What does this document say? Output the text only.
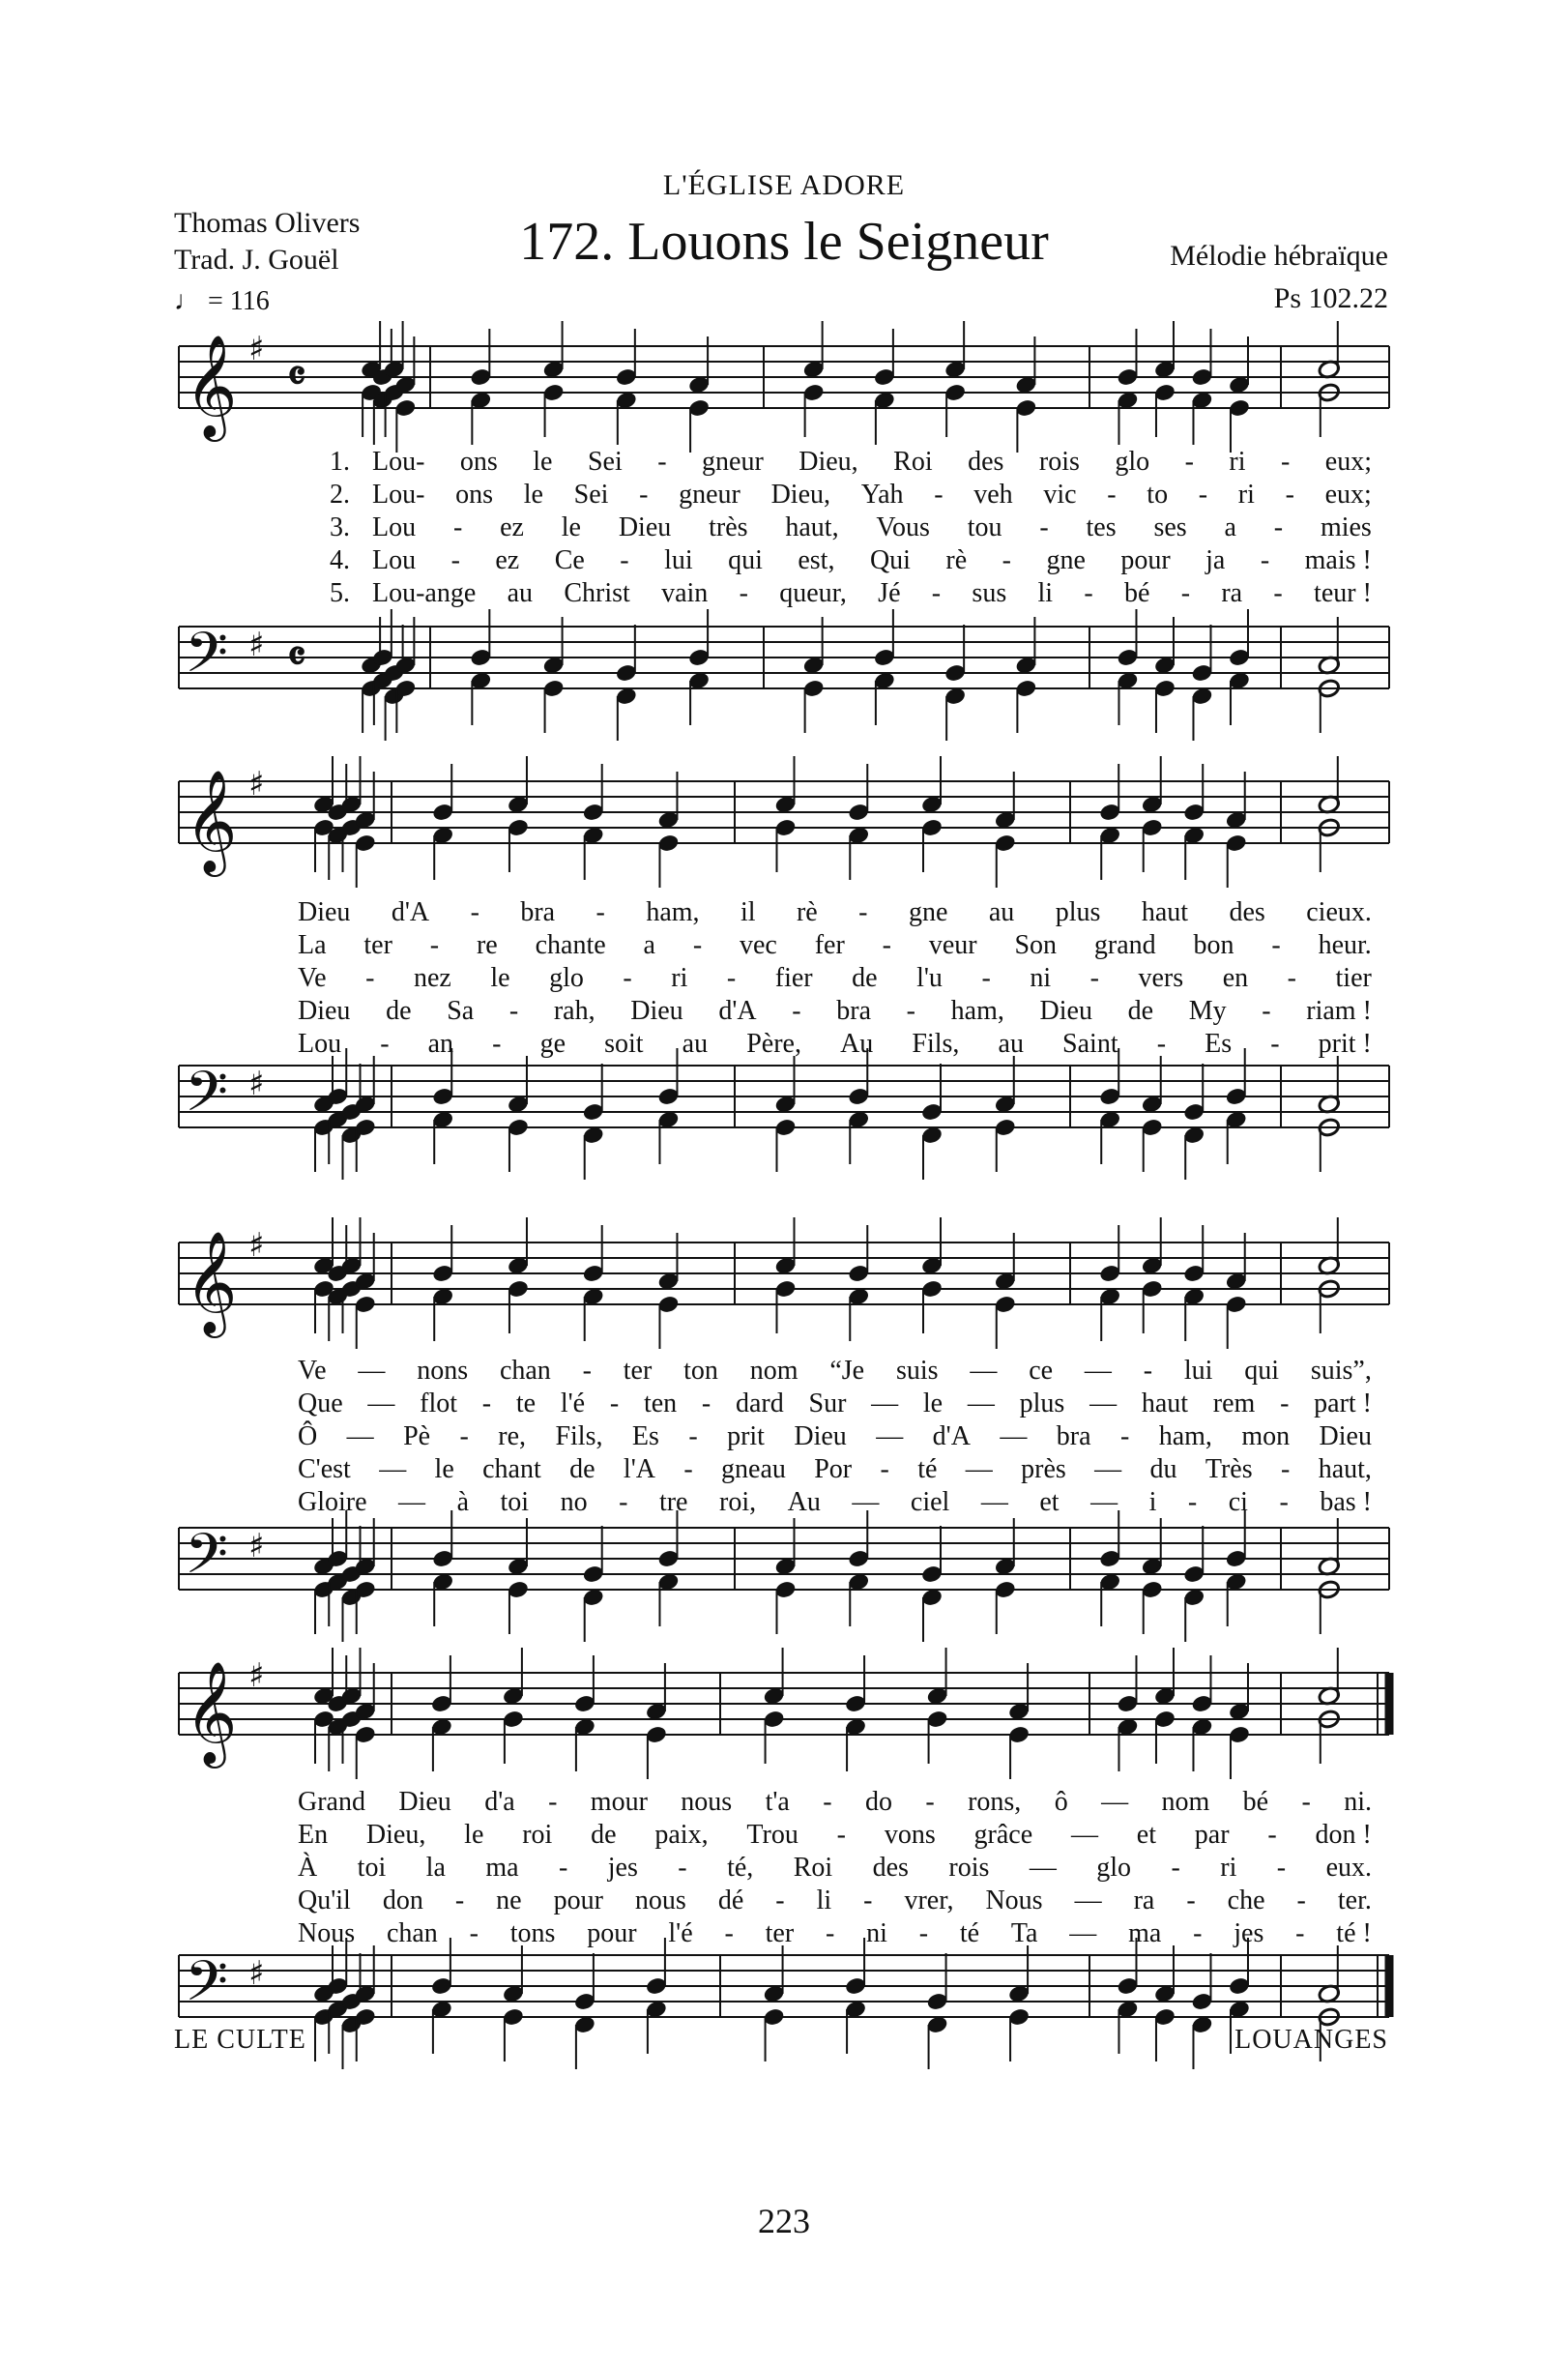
L'ÉGLISE ADORE
172. Louons le Seigneur
Thomas Olivers
Trad. J. Gouël
♩ = 116
Mélodie hébraïque
Ps 102.22
𝄞 ♯
𝄴
𝄢 ♯ 𝄴
𝄞 ♯
𝄢 ♯
𝄞 ♯
𝄢 ♯
𝄞 ♯
𝄢 ♯
1.
2.
3.
4.
5.
Lou- ons le Sei - gneur Dieu, Roi des rois glo - ri - eux;
Lou- ons le Sei - gneur Dieu, Yah - veh vic - to - ri - eux;
Lou - ez le Dieu très haut, Vous tou - tes ses a - mies
Lou - ez Ce - lui qui est, Qui rè - gne pour ja - mais !
Lou-ange au Christ vain - queur, Jé - sus li - bé - ra - teur !
Dieu d'A - bra - ham, il rè - gne au plus haut des cieux.
La ter - re chante a - vec fer - veur Son grand bon - heur.
Ve - nez le glo - ri - fier de l'u - ni - vers en - tier
Dieu de Sa - rah, Dieu d'A - bra - ham, Dieu de My - riam !
Lou - an - ge soit au Père, Au Fils, au Saint - Es - prit !
Ve — nons chan - ter ton nom “Je suis — ce — - lui qui suis”,
Que — flot - te l'é - ten - dard Sur — le — plus — haut rem - part !
Ô — Pè - re, Fils, Es - prit Dieu — d'A — bra - ham, mon Dieu
C'est — le chant de l'A - gneau Por - té — près — du Très - haut,
Gloire — à toi no - tre roi, Au — ciel — et — i - ci - bas !
Grand Dieu d'a - mour nous t'a - do - rons, ô — nom bé - ni.
En Dieu, le roi de paix, Trou - vons grâce — et par - don !
À toi la ma - jes - té, Roi des rois — glo - ri - eux.
Qu'il don - ne pour nous dé - li - vrer, Nous — ra - che - ter.
Nous chan - tons pour l'é - ter - ni - té Ta — ma - jes - té !
LE CULTE	LOUANGES
223
